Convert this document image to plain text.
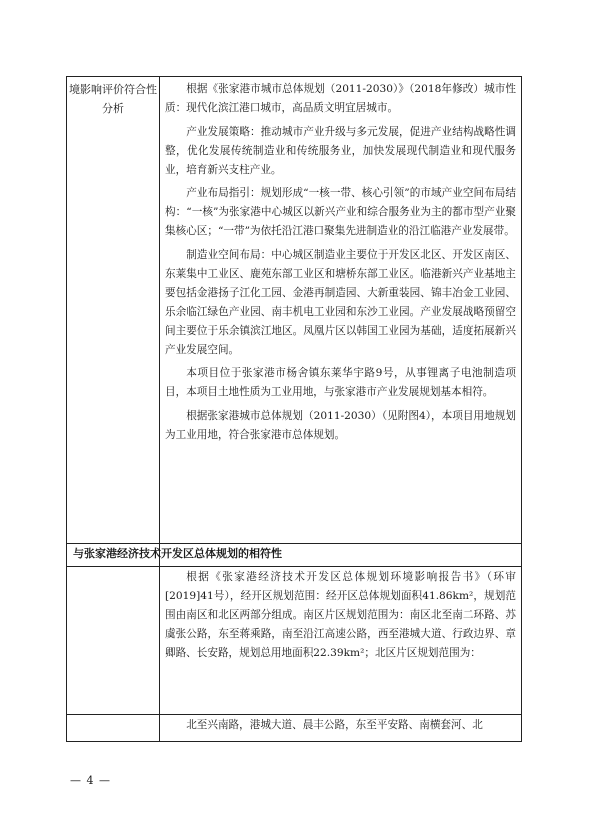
境影响评价符合性分析

根据《张家港市城市总体规划（2011-2030）》（2018年修改）城市性质：现代化滨江港口城市，高品质文明宜居城市。

产业发展策略：推动城市产业升级与多元发展，促进产业结构战略性调整，优化发展传统制造业和传统服务业，加快发展现代制造业和现代服务业，培育新兴支柱产业。

产业布局指引：规划形成“一核一带、核心引领”的市域产业空间布局结构：“一核”为张家港中心城区以新兴产业和综合服务业为主的都市型产业聚集核心区；“一带”为依托沿江港口聚集先进制造业的沿江临港产业发展带。

制造业空间布局：中心城区制造业主要位于开发区北区、开发区南区、东莱集中工业区、鹿苑东部工业区和塘桥东部工业区。临港新兴产业基地主要包括金港扬子江化工园、金港再制造园、大新重装园、锦丰冶金工业园、乐余临江绿色产业园、南丰机电工业园和东沙工业园。产业发展战略预留空间主要位于乐余镇滨江地区。凤凰片区以韩国工业园为基础，适度拓展新兴产业发展空间。

本项目位于张家港市杨舍镇东莱华宇路9号，从事锂离子电池制造项目，本项目土地性质为工业用地，与张家港市产业发展规划基本相符。

根据张家港城市总体规划（2011-2030）（见附图4），本项目用地规划为工业用地，符合张家港市总体规划。

与张家港经济技术开发区总体规划的相符性

根据《张家港经济技术开发区总体规划环境影响报告书》（环审[2019]41号），经开区规划范围：经开区总体规划面积41.86km²，规划范围由南区和北区两部分组成。南区片区规划范围为：南区北至南二环路、苏虞张公路，东至蒋乘路，南至沿江高速公路，西至港城大道、行政边界、章卿路、长安路，规划总用地面积22.39km²；北区片区规划范围为：

北至兴南路，港城大道、晨丰公路，东至平安路、南横套河、北

— 4 —
